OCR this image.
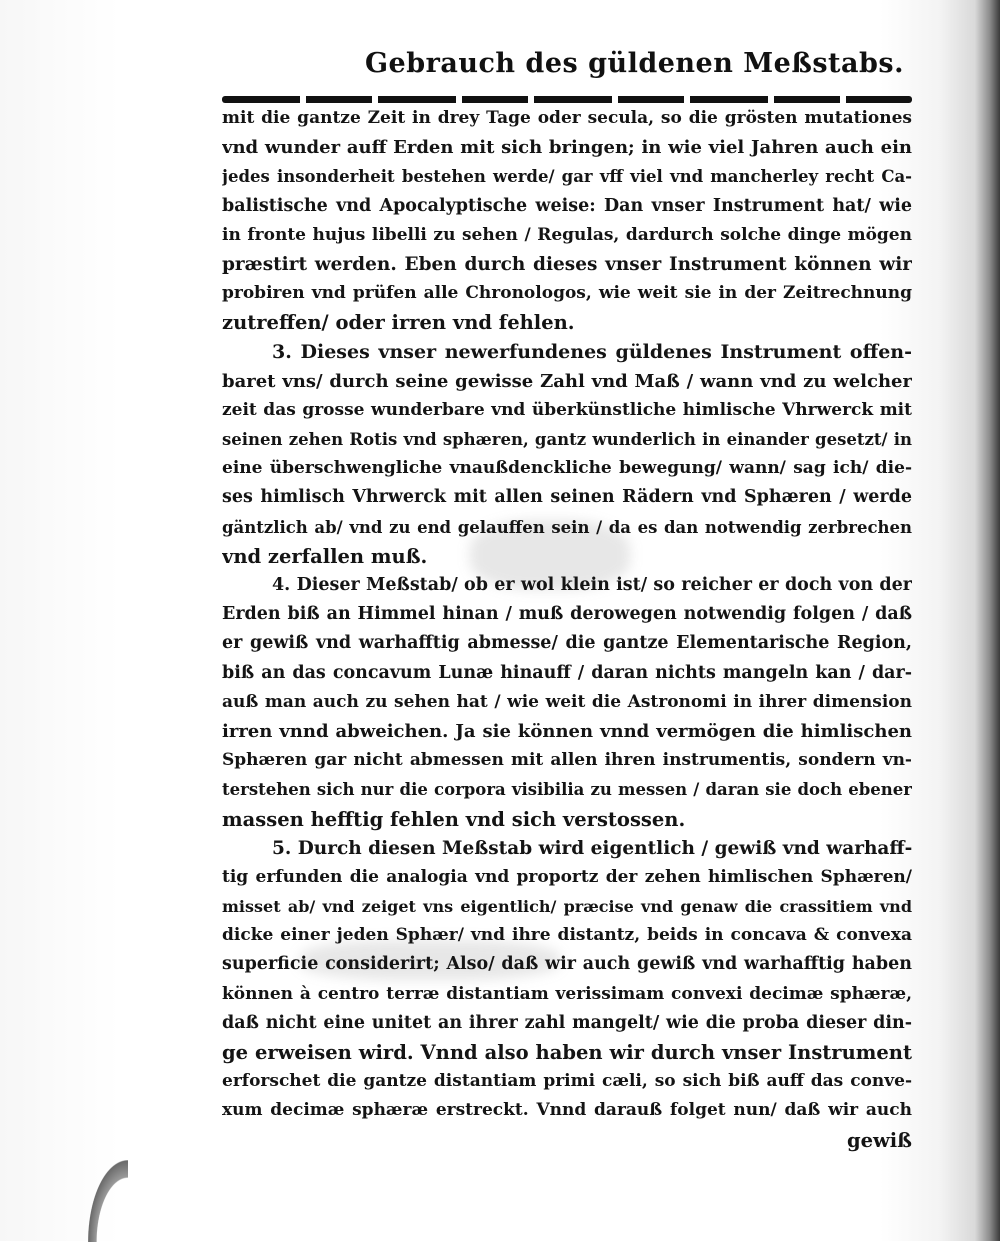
Gebrauch des güldenen Meßstabs.
mit die gantze Zeit in drey Tage oder secula, so die grösten mutationes
vnd wunder auff Erden mit sich bringen; in wie viel Jahren auch ein
jedes insonderheit bestehen werde/ gar vff viel vnd mancherley recht Ca-
balistische vnd Apocalyptische weise: Dan vnser Instrument hat/ wie
in fronte hujus libelli zu sehen / Regulas, dardurch solche dinge mögen
præstirt werden. Eben durch dieses vnser Instrument können wir
probiren vnd prüfen alle Chronologos, wie weit sie in der Zeitrechnung
zutreffen/ oder irren vnd fehlen.
3. Dieses vnser newerfundenes güldenes Instrument offen-
baret vns/ durch seine gewisse Zahl vnd Maß / wann vnd zu welcher
zeit das grosse wunderbare vnd überkünstliche himlische Vhrwerck mit
seinen zehen Rotis vnd sphæren, gantz wunderlich in einander gesetzt/ in
eine überschwengliche vnaußdenckliche bewegung/ wann/ sag ich/ die-
ses himlisch Vhrwerck mit allen seinen Rädern vnd Sphæren / werde
gäntzlich ab/ vnd zu end gelauffen sein / da es dan notwendig zerbrechen
vnd zerfallen muß.
4. Dieser Meßstab/ ob er wol klein ist/ so reicher er doch von der
Erden biß an Himmel hinan / muß derowegen notwendig folgen / daß
er gewiß vnd warhafftig abmesse/ die gantze Elementarische Region,
biß an das concavum Lunæ hinauff / daran nichts mangeln kan / dar-
auß man auch zu sehen hat / wie weit die Astronomi in ihrer dimension
irren vnnd abweichen. Ja sie können vnnd vermögen die himlischen
Sphæren gar nicht abmessen mit allen ihren instrumentis, sondern vn-
terstehen sich nur die corpora visibilia zu messen / daran sie doch ebener
massen hefftig fehlen vnd sich verstossen.
5. Durch diesen Meßstab wird eigentlich / gewiß vnd warhaff-
tig erfunden die analogia vnd proportz der zehen himlischen Sphæren/
misset ab/ vnd zeiget vns eigentlich/ præcise vnd genaw die crassitiem vnd
dicke einer jeden Sphær/ vnd ihre distantz, beids in concava & convexa
superficie considerirt; Also/ daß wir auch gewiß vnd warhafftig haben
können à centro terræ distantiam verissimam convexi decimæ sphæræ,
daß nicht eine unitet an ihrer zahl mangelt/ wie die proba dieser din-
ge erweisen wird. Vnnd also haben wir durch vnser Instrument
erforschet die gantze distantiam primi cæli, so sich biß auff das conve-
xum decimæ sphæræ erstreckt. Vnnd darauß folget nun/ daß wir auch
gewiß
